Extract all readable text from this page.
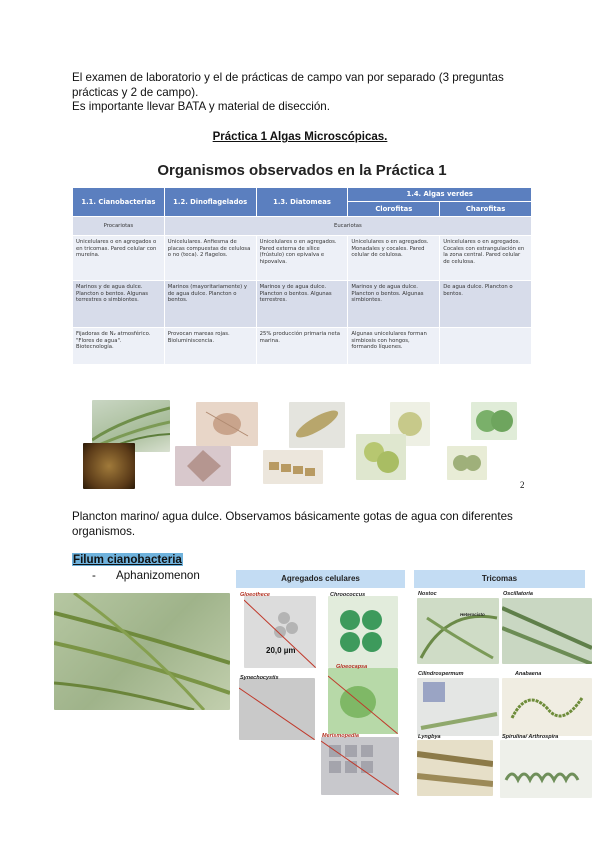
El examen de laboratorio y el de prácticas de campo van por separado (3 preguntas prácticas y 2 de campo).

Es importante llevar BATA y material de disección.

Práctica 1 Algas Microscópicas.
Organismos observados en la Práctica 1
1.1. Cianobacterias	1.2. Dinoflagelados	1.3. Diatomeas	1.4. Algas verdes	
			Clorofitas	Charofitas
Procariotas	Eucariotas			
Unicelulares o en agregados o en tricomas. Pared celular con mureína.	Unicelulares. Anfiesma de placas compuestas de celulosa o no (teca). 2 flagelos.	Unicelulares o en agregados. Pared externa de sílice (frústulo) con epivalva e hipovalva.	Unicelulares o en agregados. Monadales y cocales. Pared celular de celulosa.	Unicelulares o en agregados. Cocales con estrangulación en la zona central. Pared celular de celulosa.
Marinos y de agua dulce. Plancton o bentos. Algunas terrestres o simbiontes.	Marinos (mayoritariamente) y de agua dulce. Plancton o bentos.	Marinos y de agua dulce. Plancton o bentos. Algunas terrestres.	Marinos y de agua dulce. Plancton o bentos. Algunas simbiontes.	De agua dulce. Plancton o bentos.
Fijadoras de N₂ atmosférico. "Flores de agua". Biotecnología.	Provocan mareas rojas. Bioluminiscencia.	25% producción primaria neta marina.	Algunas unicelulares forman simbiosis con hongos, formando líquenes.	
2
Plancton marino/ agua dulce. Observamos básicamente gotas de agua con diferentes organismos.
Filum cianobacteria
- Aphanizomenon	Agregados celulares
20,0 µm
Gloeothece	Chroococcus
Synechocystis
Gloeocapsa
Merismopedia
Tricomas
Nostoc	Oscillatoria
Heterocisto
Cilindrospermum	Anabaena
Lyngbya	Spirulina/ Arthrospira
